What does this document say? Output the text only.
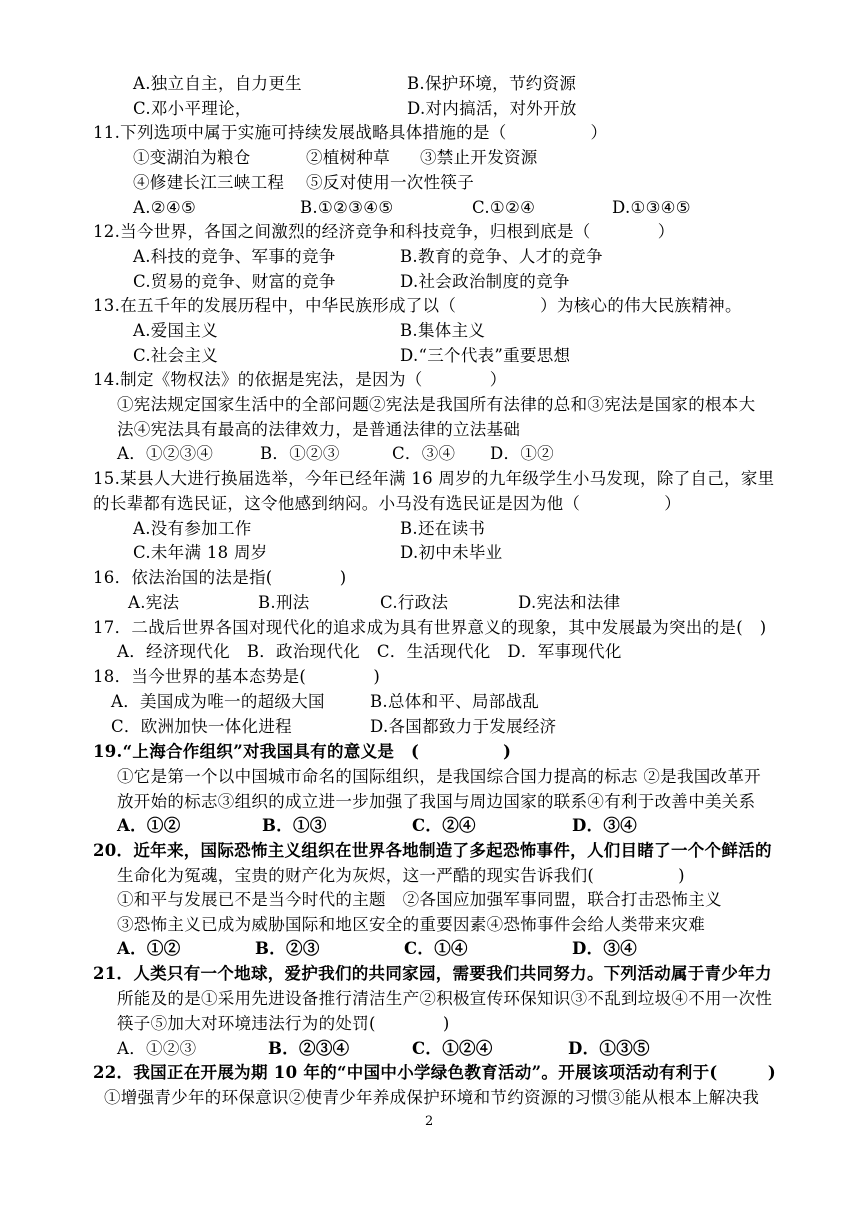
A.独立自主，自力更生	B.保护环境，节约资源
C.邓小平理论，	D.对内搞活，对外开放
11.下列选项中属于实施可持续发展战略具体措施的是（　　　　　）
①变湖泊为粮仓	②植树种草 ③禁止开发资源
④修建长江三峡工程 ⑤反对使用一次性筷子
A.②④⑤	B.①②③④⑤	C.①②④	D.①③④⑤
12.当今世界，各国之间激烈的经济竞争和科技竞争，归根到底是（　　　　）
A.科技的竞争、军事的竞争	B.教育的竞争、人才的竞争
C.贸易的竞争、财富的竞争	D.社会政治制度的竞争
13.在五千年的发展历程中，中华民族形成了以（　　　　　）为核心的伟大民族精神。
A.爱国主义	B.集体主义
C.社会主义	D.“三个代表”重要思想
14.制定《物权法》的依据是宪法，是因为（　　　　）
①宪法规定国家生活中的全部问题②宪法是我国所有法律的总和③宪法是国家的根本大
法④宪法具有最高的法律效力，是普通法律的立法基础
A．①②③④	B．①②③	C．③④ D．①②
15.某县人大进行换届选举，今年已经年满 16 周岁的九年级学生小马发现，除了自己，家里
的长辈都有选民证，这令他感到纳闷。小马没有选民证是因为他（　　　　　）
A.没有参加工作	B.还在读书
C.未年满 18 周岁	D.初中未毕业
16．依法治国的法是指(　　　　)
A.宪法	B.刑法	C.行政法	D.宪法和法律
17．二战后世界各国对现代化的追求成为具有世界意义的现象，其中发展最为突出的是(　)
A．经济现代化　B．政治现代化　C．生活现代化　D．军事现代化
18．当今世界的基本态势是(　　　　)
A．美国成为唯一的超级大国	B.总体和平、局部战乱
C．欧洲加快一体化进程	D.各国都致力于发展经济
19.“上海合作组织”对我国具有的意义是　(　　　　　)
①它是第一个以中国城市命名的国际组织，是我国综合国力提高的标志 ②是我国改革开
放开始的标志③组织的成立进一步加强了我国与周边国家的联系④有利于改善中美关系
A．①②	B．①③	C．②④	D．③④
20．近年来，国际恐怖主义组织在世界各地制造了多起恐怖事件，人们目睹了一个个鲜活的
生命化为冤魂，宝贵的财产化为灰烬，这一严酷的现实告诉我们(　　　　　)
①和平与发展已不是当今时代的主题　②各国应加强军事同盟，联合打击恐怖主义
③恐怖主义已成为威胁国际和地区安全的重要因素④恐怖事件会给人类带来灾难
A．①②	B．②③	C．①④	D．③④
21．人类只有一个地球，爱护我们的共同家园，需要我们共同努力。下列活动属于青少年力
所能及的是①采用先进设备推行清洁生产②积极宣传环保知识③不乱到垃圾④不用一次性
筷子⑤加大对环境违法行为的处罚(　　　　)
A．①②③	B．②③④	C．①②④	D．①③⑤
22．我国正在开展为期 10 年的“中国中小学绿色教育活动”。开展该项活动有利于(　　　)
①增强青少年的环保意识②使青少年养成保护环境和节约资源的习惯③能从根本上解决我
2
